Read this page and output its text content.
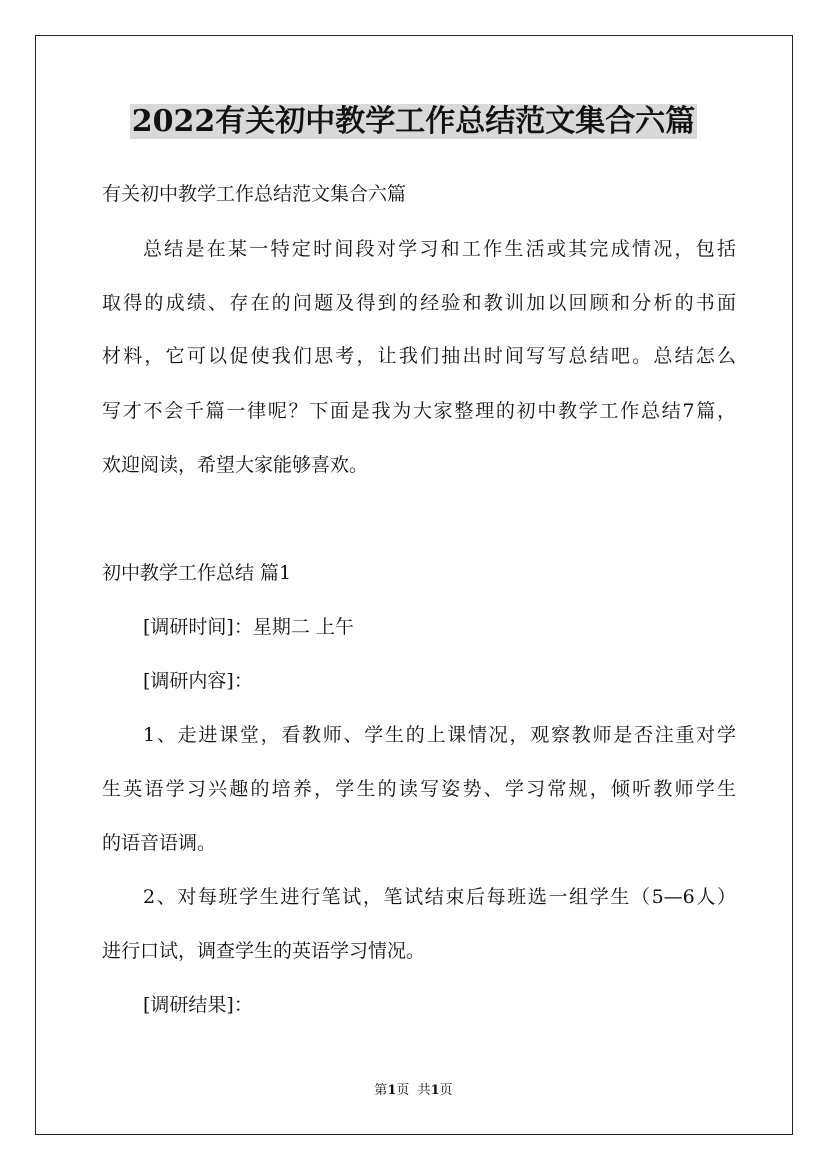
2022有关初中教学工作总结范文集合六篇

有关初中教学工作总结范文集合六篇

总结是在某一特定时间段对学习和工作生活或其完成情况，包括

取得的成绩、存在的问题及得到的经验和教训加以回顾和分析的书面

材料，它可以促使我们思考，让我们抽出时间写写总结吧。总结怎么

写才不会千篇一律呢？下面是我为大家整理的初中教学工作总结7篇，

欢迎阅读，希望大家能够喜欢。

初中教学工作总结 篇1

[调研时间]：星期二 上午

[调研内容]：

1、走进课堂，看教师、学生的上课情况，观察教师是否注重对学

生英语学习兴趣的培养，学生的读写姿势、学习常规，倾听教师学生

的语音语调。

2、对每班学生进行笔试，笔试结束后每班选一组学生（5—6人）

进行口试，调查学生的英语学习情况。

[调研结果]：

第1页  共1页
